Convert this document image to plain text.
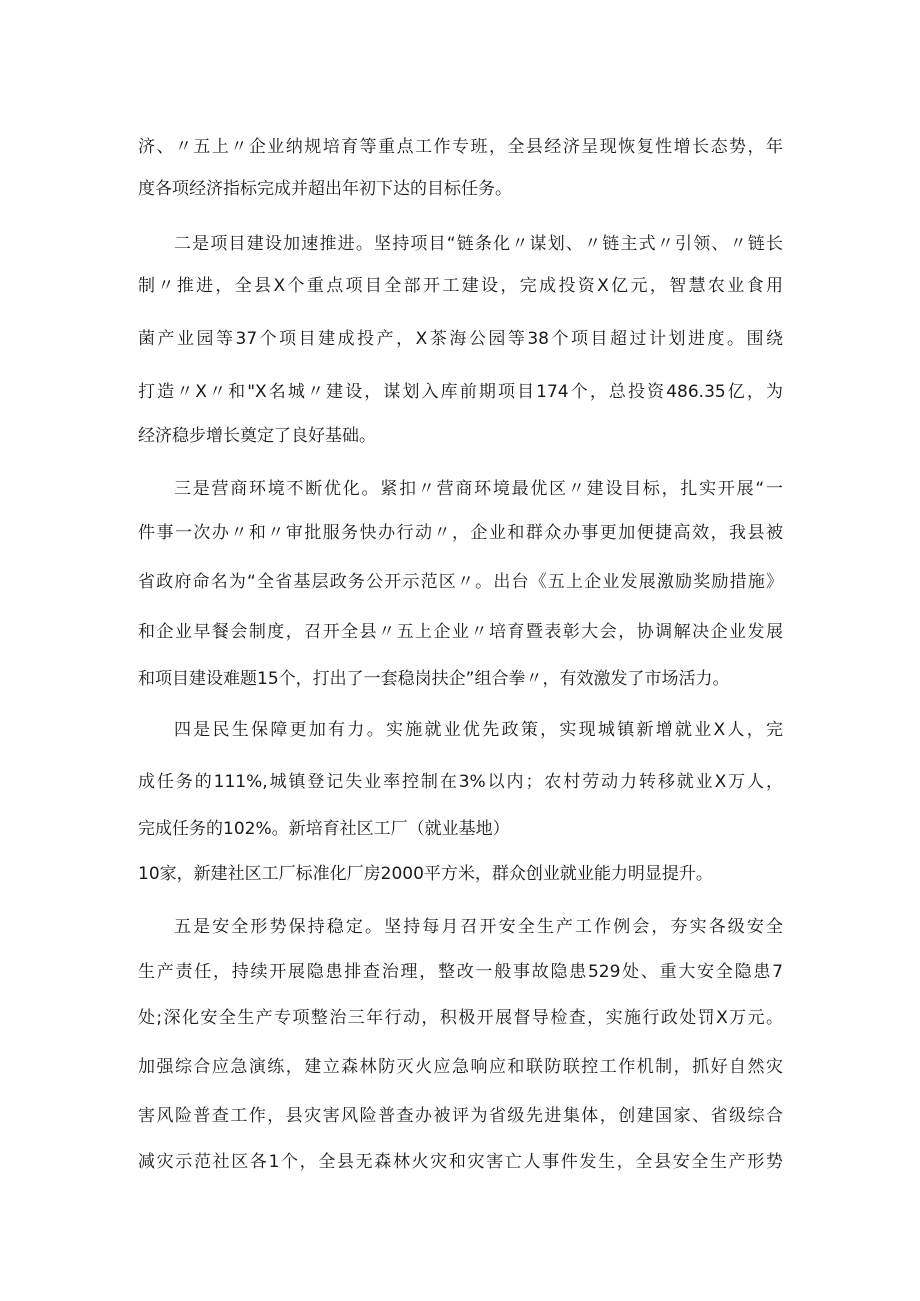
济、〃五上〃企业纳规培育等重点工作专班，全县经济呈现恢复性增长态势，年
度各项经济指标完成并超出年初下达的目标任务。
二是项目建设加速推进。坚持项目“链条化〃谋划、〃链主式〃引领、〃链长
制〃推进，全县X个重点项目全部开工建设，完成投资X亿元，智慧农业食用
菌产业园等37个项目建成投产，X茶海公园等38个项目超过计划进度。围绕
打造〃X〃和"X名城〃建设，谋划入库前期项目174个，总投资486.35亿，为
经济稳步增长奠定了良好基础。
三是营商环境不断优化。紧扣〃营商环境最优区〃建设目标，扎实开展“一
件事一次办〃和〃审批服务快办行动〃，企业和群众办事更加便捷高效，我县被
省政府命名为“全省基层政务公开示范区〃。出台《五上企业发展激励奖励措施》
和企业早餐会制度，召开全县〃五上企业〃培育暨表彰大会，协调解决企业发展
和项目建设难题15个，打出了一套稳岗扶企”组合拳〃，有效激发了市场活力。
四是民生保障更加有力。实施就业优先政策，实现城镇新增就业X人，完
成任务的111%,城镇登记失业率控制在3%以内；农村劳动力转移就业X万人，
完成任务的102%。新培育社区工厂（就业基地）
10家，新建社区工厂标准化厂房2000平方米，群众创业就业能力明显提升。
五是安全形势保持稳定。坚持每月召开安全生产工作例会，夯实各级安全
生产责任，持续开展隐患排查治理，整改一般事故隐患529处、重大安全隐患7
处;深化安全生产专项整治三年行动，积极开展督导检查，实施行政处罚X万元。
加强综合应急演练，建立森林防灭火应急响应和联防联控工作机制，抓好自然灾
害风险普查工作，县灾害风险普查办被评为省级先进集体，创建国家、省级综合
减灾示范社区各1个，全县无森林火灾和灾害亡人事件发生，全县安全生产形势
